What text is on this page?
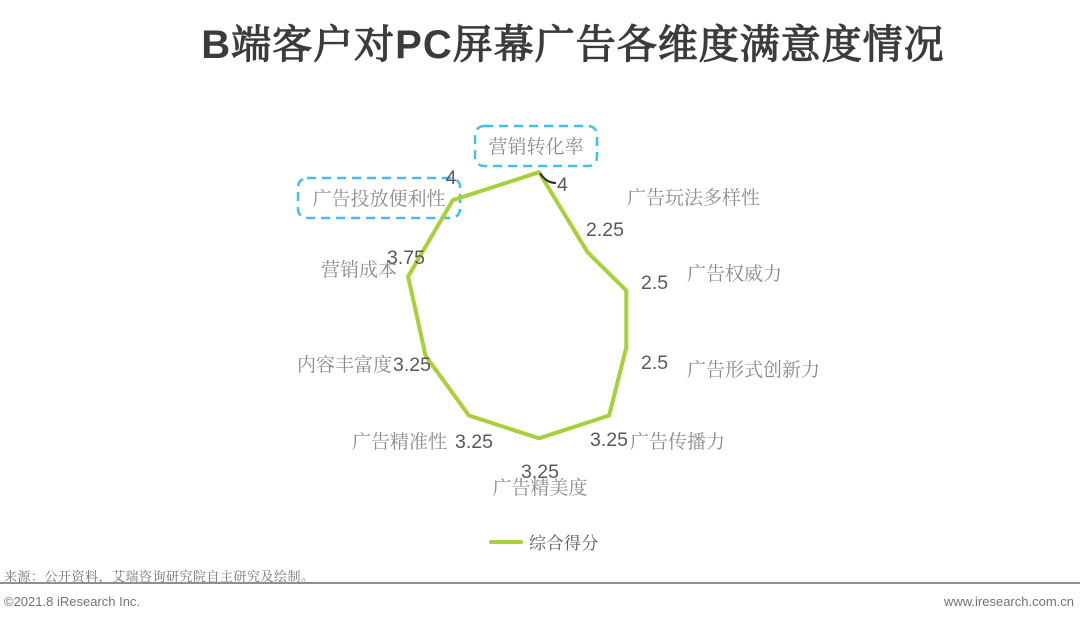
B端客户对PC屏幕广告各维度满意度情况
营销转化率
广告玩法多样性
广告权威力
广告形式创新力
广告传播力
广告精美度
广告精准性
内容丰富度
营销成本
广告投放便利性
4
2.25
2.5
2.5
3.25
3.25
3.25
3.25
3.75
4
综合得分
来源：公开资料，艾瑞咨询研究院自主研究及绘制。
©2021.8 iResearch Inc.	www.iresearch.com.cn
